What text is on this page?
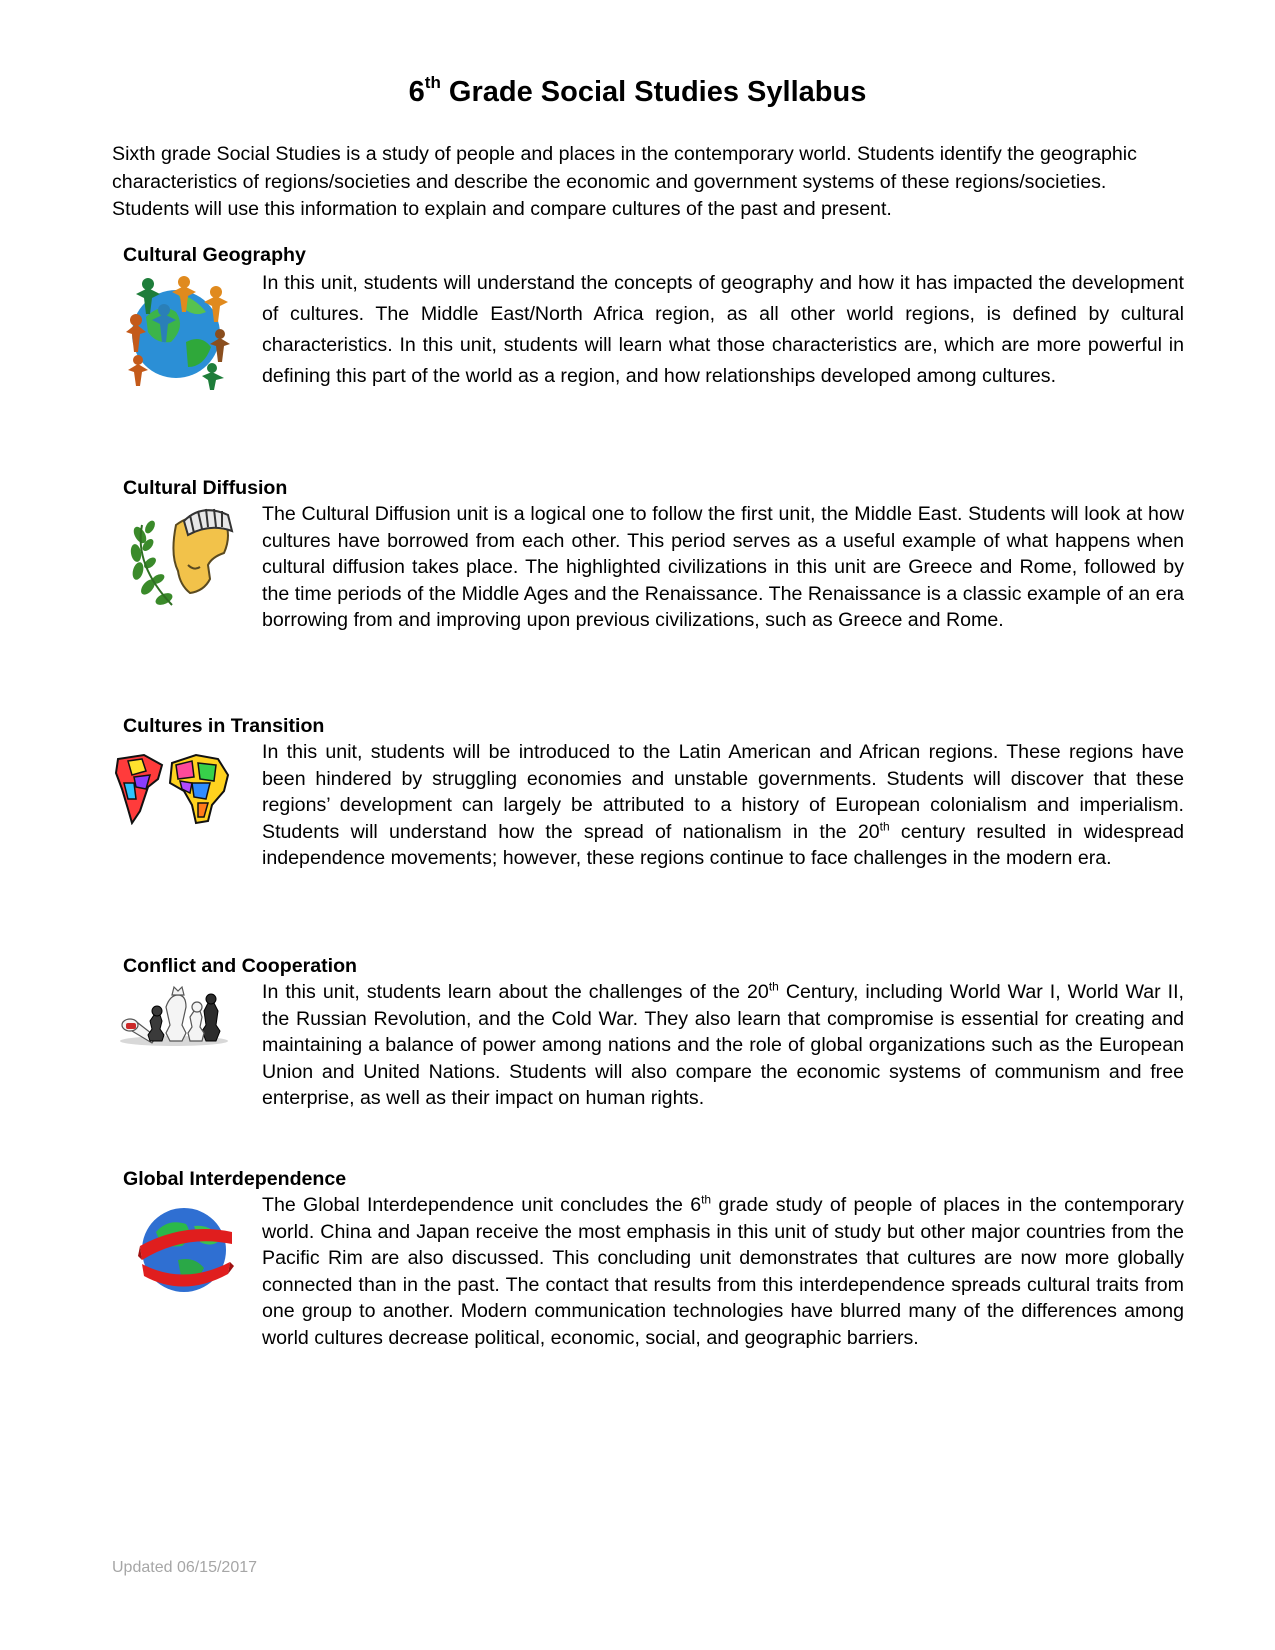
6th Grade Social Studies Syllabus
Sixth grade Social Studies is a study of people and places in the contemporary world. Students identify the geographic characteristics of regions/societies and describe the economic and government systems of these regions/societies. Students will use this information to explain and compare cultures of the past and present.
Cultural Geography
In this unit, students will understand the concepts of geography and how it has impacted the development of cultures. The Middle East/North Africa region, as all other world regions, is defined by cultural characteristics. In this unit, students will learn what those characteristics are, which are more powerful in defining this part of the world as a region, and how relationships developed among cultures.
Cultural Diffusion
The Cultural Diffusion unit is a logical one to follow the first unit, the Middle East. Students will look at how cultures have borrowed from each other. This period serves as a useful example of what happens when cultural diffusion takes place. The highlighted civilizations in this unit are Greece and Rome, followed by the time periods of the Middle Ages and the Renaissance. The Renaissance is a classic example of an era borrowing from and improving upon previous civilizations, such as Greece and Rome.
Cultures in Transition
In this unit, students will be introduced to the Latin American and African regions. These regions have been hindered by struggling economies and unstable governments. Students will discover that these regions’ development can largely be attributed to a history of European colonialism and imperialism. Students will understand how the spread of nationalism in the 20th century resulted in widespread independence movements; however, these regions continue to face challenges in the modern era.
Conflict and Cooperation
In this unit, students learn about the challenges of the 20th Century, including World War I, World War II, the Russian Revolution, and the Cold War. They also learn that compromise is essential for creating and maintaining a balance of power among nations and the role of global organizations such as the European Union and United Nations. Students will also compare the economic systems of communism and free enterprise, as well as their impact on human rights.
Global Interdependence
The Global Interdependence unit concludes the 6th grade study of people of places in the contemporary world. China and Japan receive the most emphasis in this unit of study but other major countries from the Pacific Rim are also discussed. This concluding unit demonstrates that cultures are now more globally connected than in the past. The contact that results from this interdependence spreads cultural traits from one group to another. Modern communication technologies have blurred many of the differences among world cultures decrease political, economic, social, and geographic barriers.
Updated 06/15/2017
